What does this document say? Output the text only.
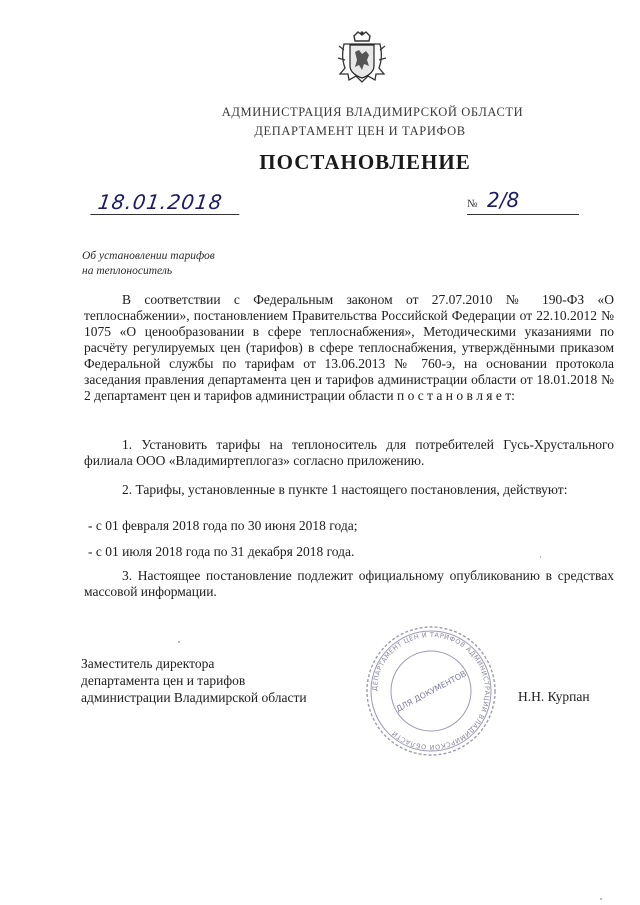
АДМИНИСТРАЦИЯ ВЛАДИМИРСКОЙ ОБЛАСТИ
ДЕПАРТАМЕНТ ЦЕН И ТАРИФОВ
ПОСТАНОВЛЕНИЕ
18.01.2018	№ 2/8
Об установлении тарифов
на теплоноситель
В соответствии с Федеральным законом от 27.07.2010 № 190-ФЗ «О теплоснабжении», постановлением Правительства Российской Федерации от 22.10.2012 № 1075 «О ценообразовании в сфере теплоснабжения», Методическими указаниями по расчёту регулируемых цен (тарифов) в сфере теплоснабжения, утверждёнными приказом Федеральной службы по тарифам от 13.06.2013 № 760-э, на основании протокола заседания правления департамента цен и тарифов администрации области от 18.01.2018 № 2 департамент цен и тарифов администрации области п о с т а н о в л я е т:
1. Установить тарифы на теплоноситель для потребителей Гусь-Хрустального филиала ООО «Владимиртеплогаз» согласно приложению.
2. Тарифы, установленные в пункте 1 настоящего постановления, действуют:
- с 01 февраля 2018 года по 30 июня 2018 года;
- с 01 июля 2018 года по 31 декабря 2018 года.
3. Настоящее постановление подлежит официальному опубликованию в средствах массовой информации.
Заместитель директора
департамента цен и тарифов
администрации Владимирской области	Н.Н. Курпан
ДЕПАРТАМЕНТ ЦЕН И ТАРИФОВ АДМИНИСТРАЦИИ ВЛАДИМИРСКОЙ ОБЛАСТИ
ДЛЯ ДОКУМЕНТОВ
